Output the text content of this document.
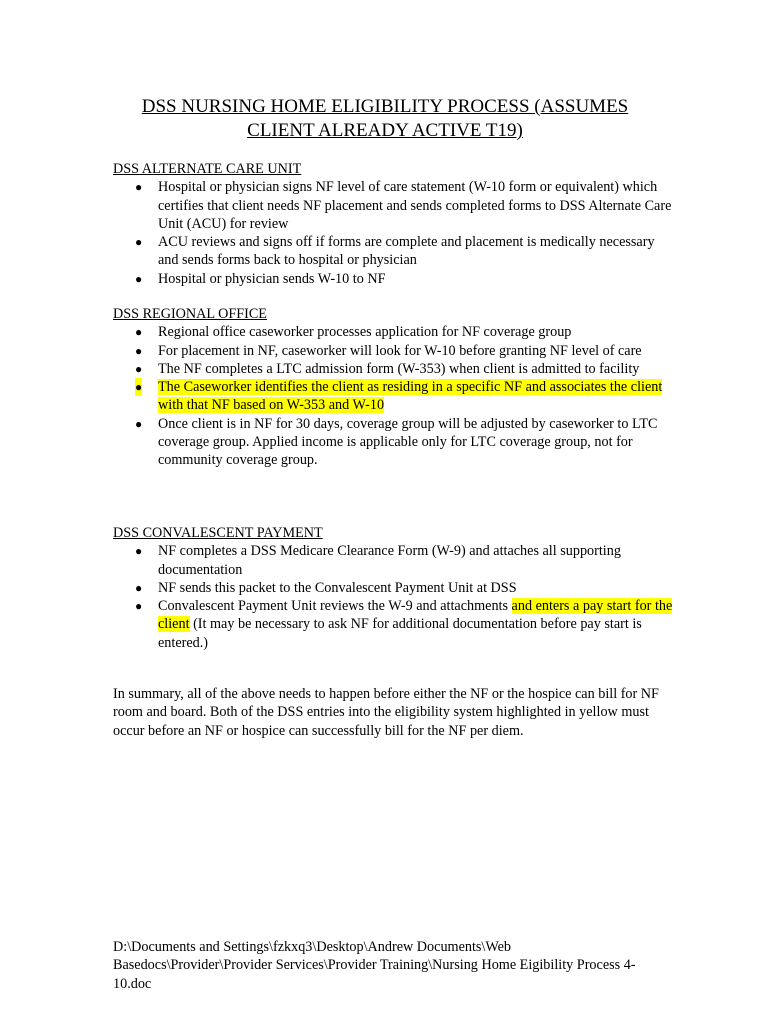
DSS NURSING HOME ELIGIBILITY PROCESS (ASSUMES
CLIENT ALREADY ACTIVE T19)

DSS ALTERNATE CARE UNIT

● Hospital or physician signs NF level of care statement (W-10 form or equivalent) which certifies that client needs NF placement and sends completed forms to DSS Alternate Care Unit (ACU) for review
● ACU reviews and signs off if forms are complete and placement is medically necessary and sends forms back to hospital or physician
● Hospital or physician sends W-10 to NF

DSS REGIONAL OFFICE

● Regional office caseworker processes application for NF coverage group
● For placement in NF, caseworker will look for W-10 before granting NF level of care
● The NF completes a LTC admission form (W-353) when client is admitted to facility
● The Caseworker identifies the client as residing in a specific NF and associates the client with that NF based on W-353 and W-10
● Once client is in NF for 30 days, coverage group will be adjusted by caseworker to LTC coverage group. Applied income is applicable only for LTC coverage group, not for community coverage group.

DSS CONVALESCENT PAYMENT

● NF completes a DSS Medicare Clearance Form (W-9) and attaches all supporting documentation
● NF sends this packet to the Convalescent Payment Unit at DSS
● Convalescent Payment Unit reviews the W-9 and attachments and enters a pay start for the client (It may be necessary to ask NF for additional documentation before pay start is entered.)

In summary, all of the above needs to happen before either the NF or the hospice can bill for NF room and board. Both of the DSS entries into the eligibility system highlighted in yellow must occur before an NF or hospice can successfully bill for the NF per diem.

D:\Documents and Settings\fzkxq3\Desktop\Andrew Documents\Web Basedocs\Provider\Provider Services\Provider Training\Nursing Home Eigibility Process 4-10.doc
